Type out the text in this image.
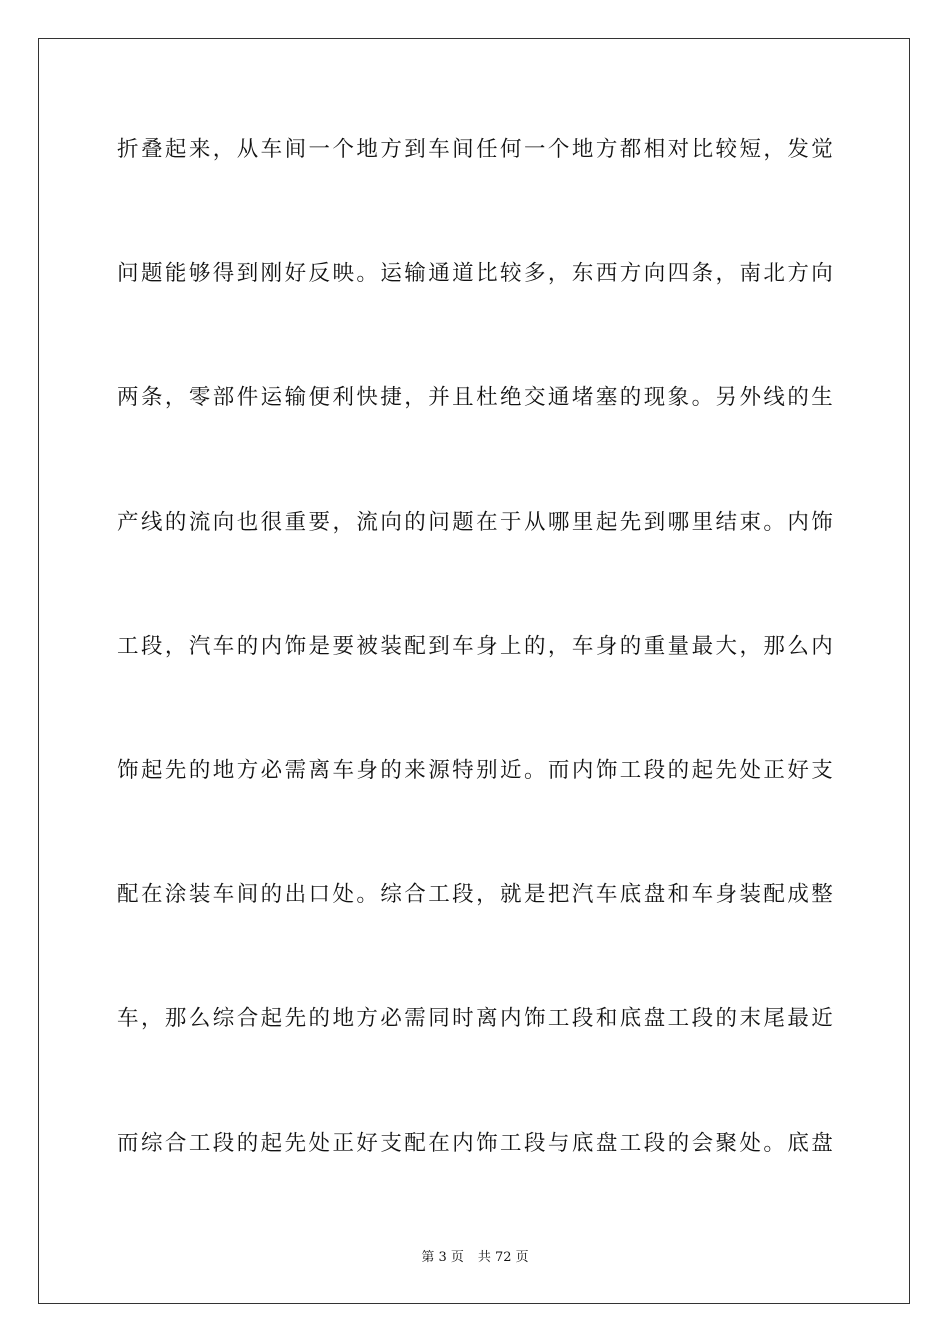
折叠起来，从车间一个地方到车间任何一个地方都相对比较短，发觉
问题能够得到刚好反映。运输通道比较多，东西方向四条，南北方向
两条，零部件运输便利快捷，并且杜绝交通堵塞的现象。另外线的生
产线的流向也很重要，流向的问题在于从哪里起先到哪里结束。内饰
工段，汽车的内饰是要被装配到车身上的，车身的重量最大，那么内
饰起先的地方必需离车身的来源特别近。而内饰工段的起先处正好支
配在涂装车间的出口处。综合工段，就是把汽车底盘和车身装配成整
车，那么综合起先的地方必需同时离内饰工段和底盘工段的末尾最近
而综合工段的起先处正好支配在内饰工段与底盘工段的会聚处。底盘
第 3 页 共 72 页
